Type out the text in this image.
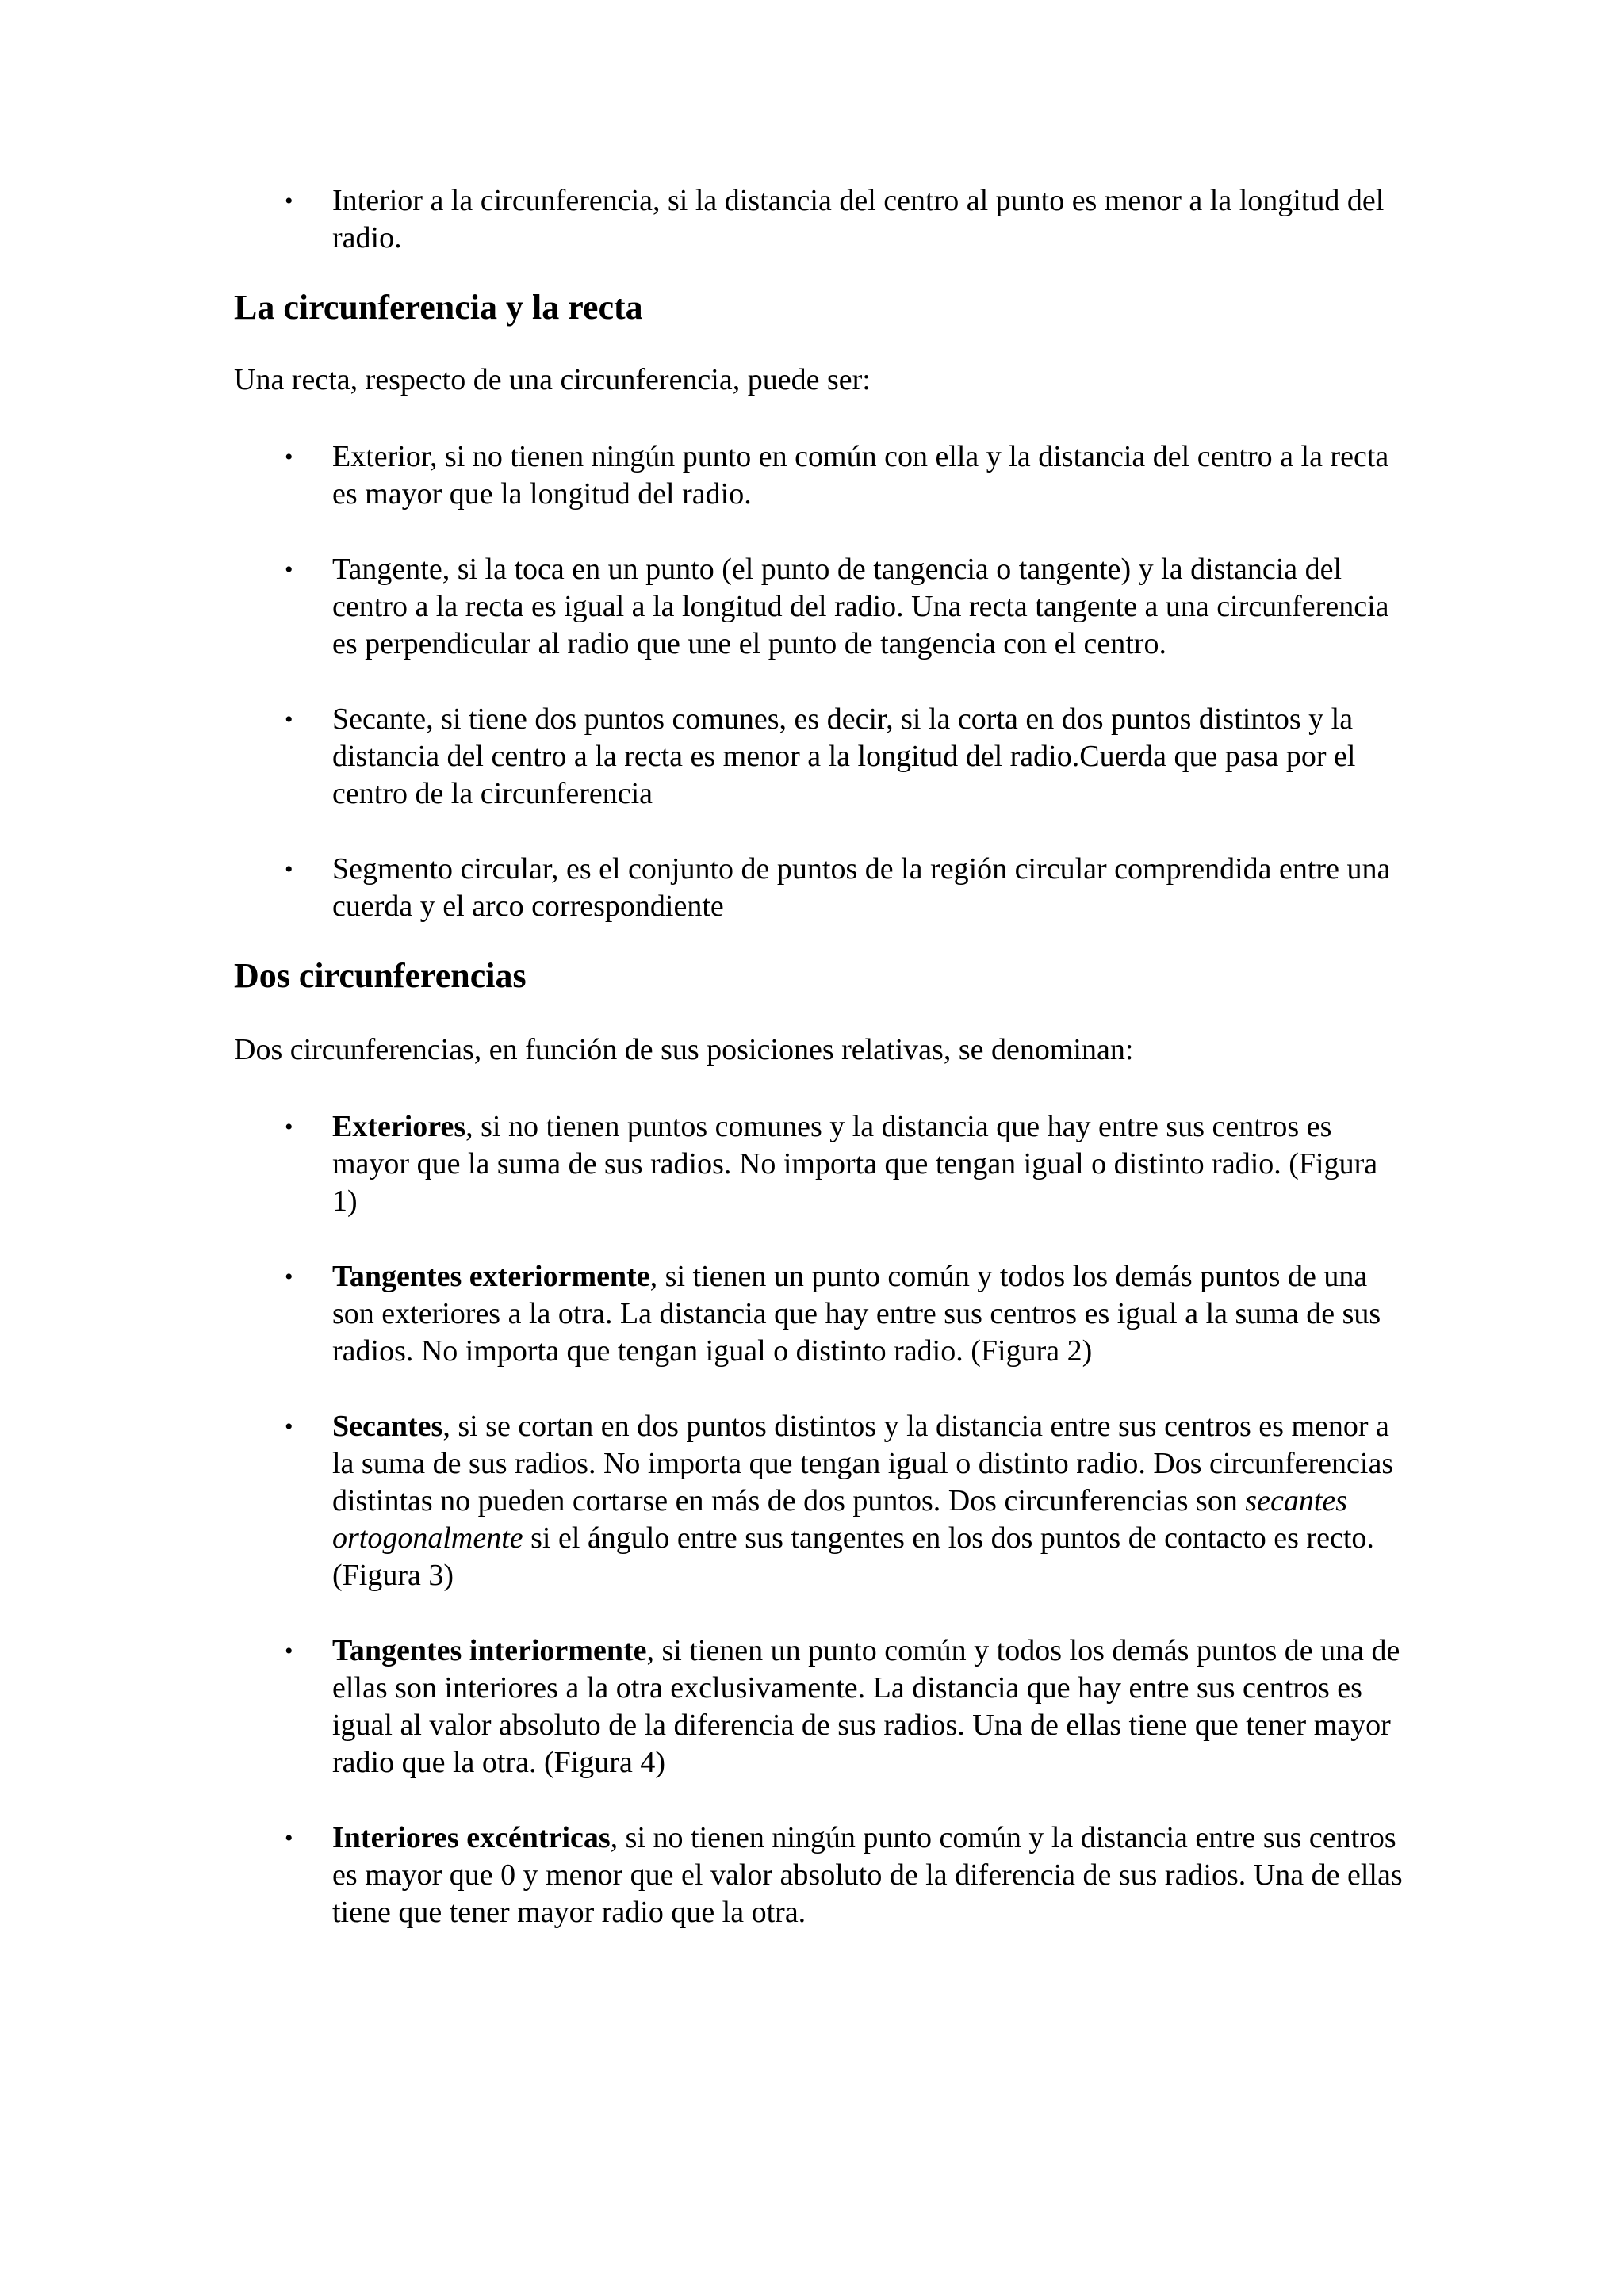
• Interior a la circunferencia, si la distancia del centro al punto es menor a la longitud del radio.
La circunferencia y la recta

Una recta, respecto de una circunferencia, puede ser:

• Exterior, si no tienen ningún punto en común con ella y la distancia del centro a la recta es mayor que la longitud del radio.
• Tangente, si la toca en un punto (el punto de tangencia o tangente) y la distancia del centro a la recta es igual a la longitud del radio. Una recta tangente a una circunferencia es perpendicular al radio que une el punto de tangencia con el centro.
• Secante, si tiene dos puntos comunes, es decir, si la corta en dos puntos distintos y la distancia del centro a la recta es menor a la longitud del radio.Cuerda que pasa por el centro de la circunferencia
• Segmento circular, es el conjunto de puntos de la región circular comprendida entre una cuerda y el arco correspondiente
Dos circunferencias

Dos circunferencias, en función de sus posiciones relativas, se denominan:

• Exteriores, si no tienen puntos comunes y la distancia que hay entre sus centros es mayor que la suma de sus radios. No importa que tengan igual o distinto radio. (Figura 1)
• Tangentes exteriormente, si tienen un punto común y todos los demás puntos de una son exteriores a la otra. La distancia que hay entre sus centros es igual a la suma de sus radios. No importa que tengan igual o distinto radio. (Figura 2)
• Secantes, si se cortan en dos puntos distintos y la distancia entre sus centros es menor a la suma de sus radios. No importa que tengan igual o distinto radio. Dos circunferencias distintas no pueden cortarse en más de dos puntos. Dos circunferencias son secantes ortogonalmente si el ángulo entre sus tangentes en los dos puntos de contacto es recto. (Figura 3)
• Tangentes interiormente, si tienen un punto común y todos los demás puntos de una de ellas son interiores a la otra exclusivamente. La distancia que hay entre sus centros es igual al valor absoluto de la diferencia de sus radios. Una de ellas tiene que tener mayor radio que la otra. (Figura 4)
• Interiores excéntricas, si no tienen ningún punto común y la distancia entre sus centros es mayor que 0 y menor que el valor absoluto de la diferencia de sus radios. Una de ellas tiene que tener mayor radio que la otra.
